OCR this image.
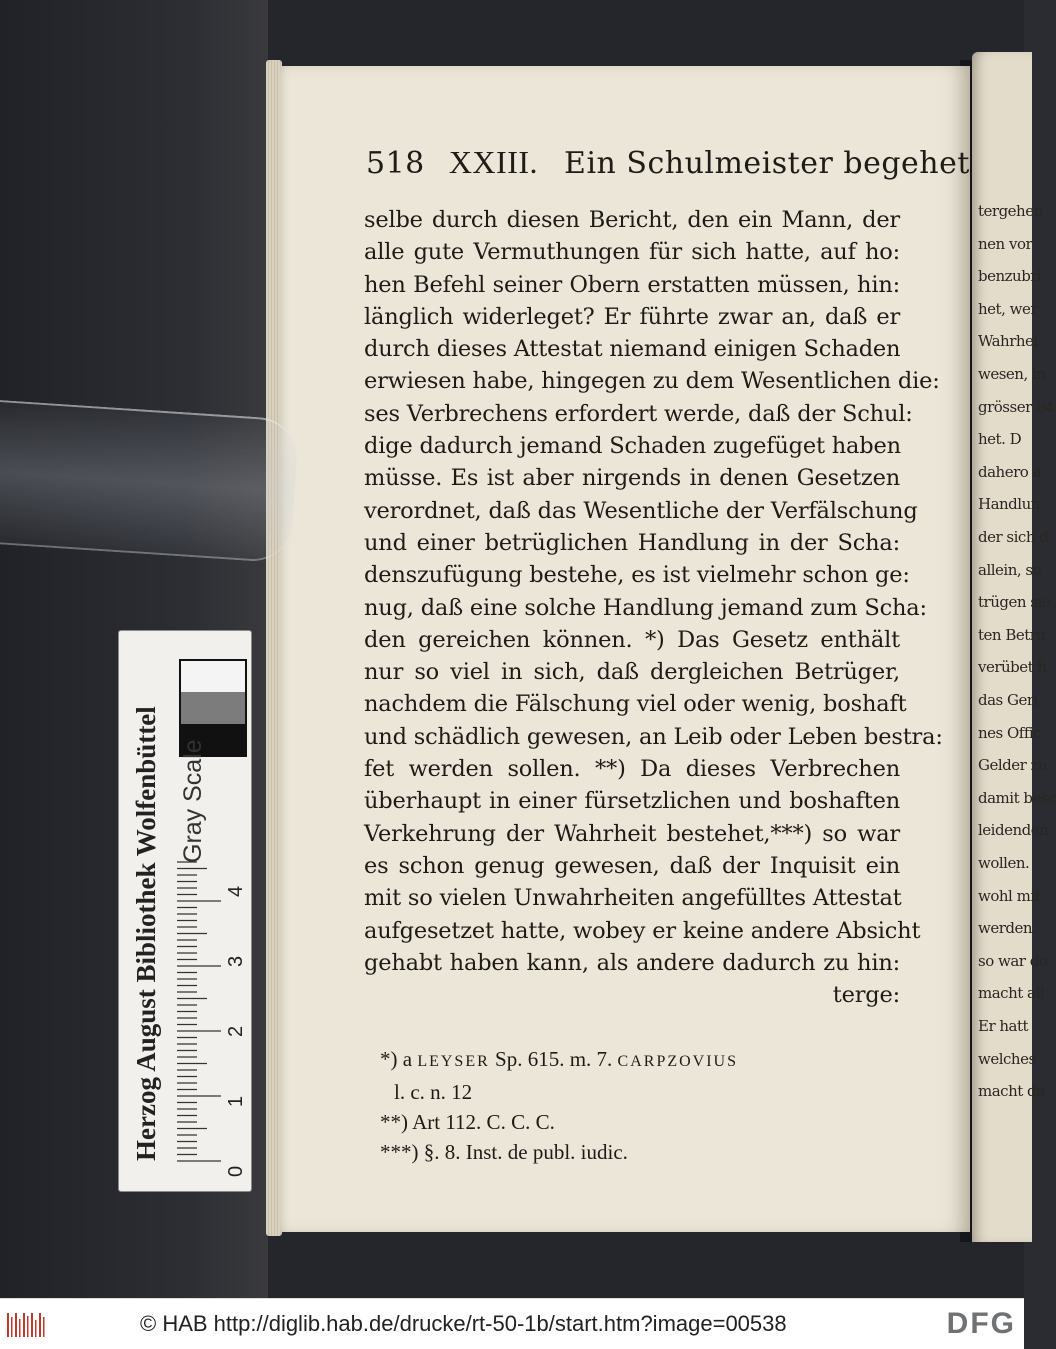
tergehen
nen vor
benzubri
het, wer
Wahrhei
wesen, in
grösser ist
het. D
dahero a
Handlun
der sich d
allein, so
trügen sie
ten Betru
verübet h
das Geri
nes Offic
Gelder zu
damit besc
leidenden
wollen.
wohl mit
werden.
so war do
macht all
Er hatt
welches
macht da
518 XXIII. Ein Schulmeister begehet
selbe durch diesen Bericht, den ein Mann, der
alle gute Vermuthungen für sich hatte, auf ho:
hen Befehl seiner Obern erstatten müssen, hin:
länglich widerleget? Er führte zwar an, daß er
durch dieses Attestat niemand einigen Schaden
erwiesen habe, hingegen zu dem Wesentlichen die:
ses Verbrechens erfordert werde, daß der Schul:
dige dadurch jemand Schaden zugefüget haben
müsse. Es ist aber nirgends in denen Gesetzen
verordnet, daß das Wesentliche der Verfälschung
und einer betrüglichen Handlung in der Scha:
denszufügung bestehe, es ist vielmehr schon ge:
nug, daß eine solche Handlung jemand zum Scha:
den gereichen können. *) Das Gesetz enthält
nur so viel in sich, daß dergleichen Betrüger,
nachdem die Fälschung viel oder wenig, boshaft
und schädlich gewesen, an Leib oder Leben bestra:
fet werden sollen. **) Da dieses Verbrechen
überhaupt in einer fürsetzlichen und boshaften
Verkehrung der Wahrheit bestehet,***) so war
es schon genug gewesen, daß der Inquisit ein
mit so vielen Unwahrheiten angefülltes Attestat
aufgesetzet hatte, wobey er keine andere Absicht
gehabt haben kann, als andere dadurch zu hin:
terge:
*) a LEYSER Sp. 615. m. 7. CARPZOVIUS
l. c. n. 12
**) Art 112. C. C. C.
***) §. 8. Inst. de publ. iudic.
Herzog August Bibliothek Wolfenbüttel Gray Scale
0
1
2
3
4
© HAB http://diglib.hab.de/drucke/rt-50-1b/start.htm?image=00538	DFG
